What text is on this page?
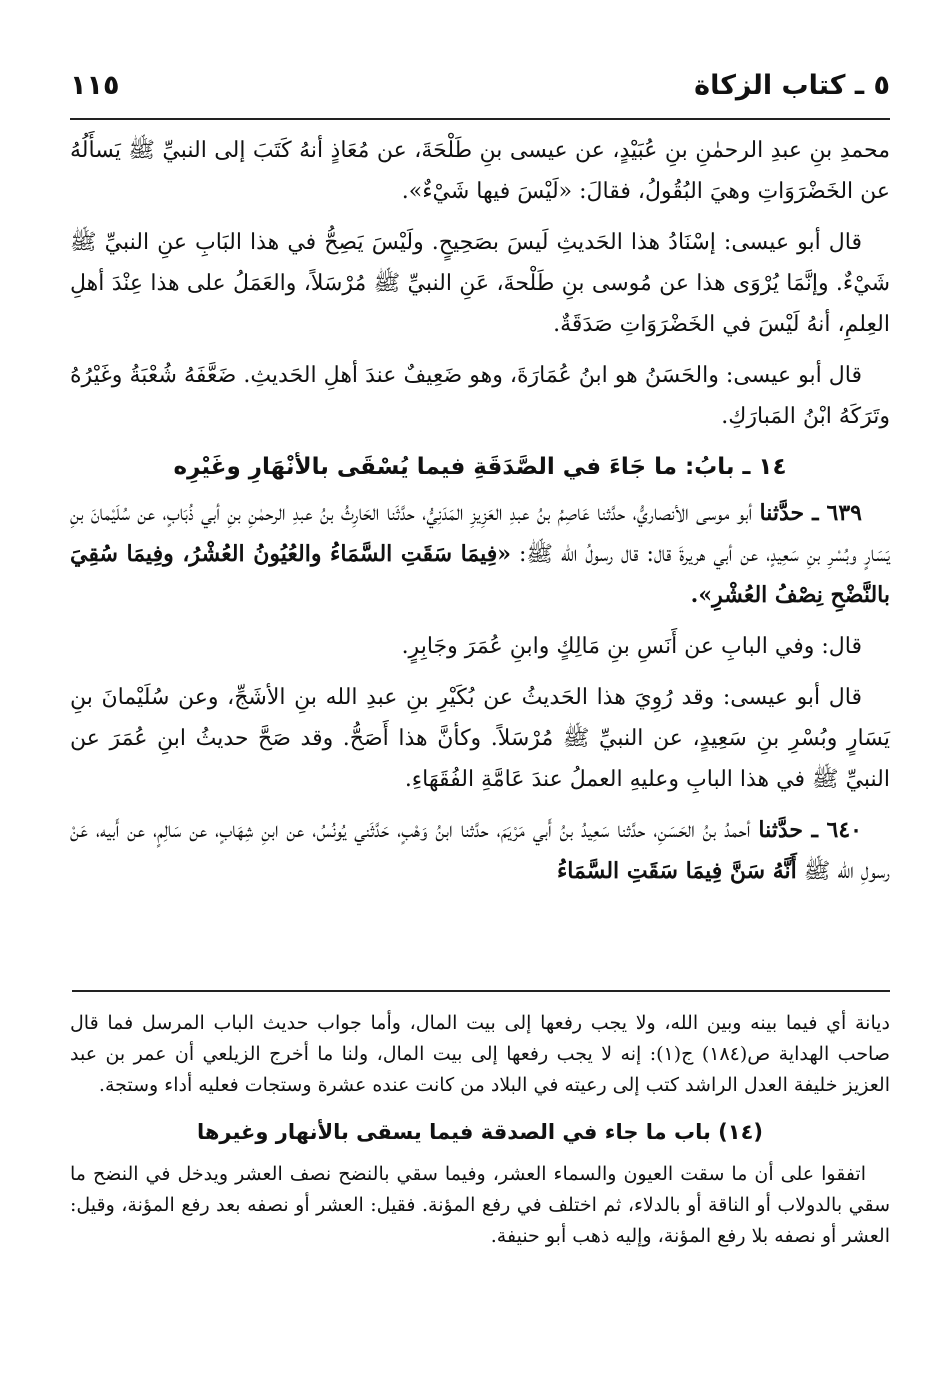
٥ ـ كتاب الزكاة
١١٥

محمدِ بنِ عبدِ الرحمٰنِ بنِ عُبَيْدٍ، عن عيسى بنِ طَلْحَةَ، عن مُعَاذٍ أنهُ كَتَبَ إلى النبيِّ ﷺ يَسأَلُهُ عن الخَضْرَوَاتِ وهيَ البُقُولُ، فقالَ: «لَيْسَ فيها شَيْءٌ».

قال أبو عيسى: إسْنَادُ هذا الحَديثِ لَيسَ بصَحِيحٍ. ولَيْسَ يَصِحُّ في هذا البَابِ عنِ النبيِّ ﷺ شَيْءٌ. وإنَّمَا يُرْوَى هذا عن مُوسى بنِ طَلْحةَ، عَنِ النبيِّ ﷺ مُرْسَلاً، والعَمَلُ على هذا عِنْدَ أهلِ العِلمِ، أنهُ لَيْسَ في الخَضْرَوَاتِ صَدَقَةٌ.

قال أبو عيسى: والحَسَنُ هو ابنُ عُمَارَةَ، وهو ضَعِيفٌ عندَ أهلِ الحَديثِ. ضَعَّفَهُ شُعْبَةُ وغَيْرُهُ وتَرَكَهُ ابْنُ المَبارَكِ.

١٤ ـ بابُ: ما جَاءَ في الصَّدَقَةِ فيما يُسْقَى بالأنْهَارِ وغَيْرِه

٦٣٩ ـ حدَّثنا أبو موسى الأنصاريُّ، حدَّثنا عَاصِمُ بنُ عبدِ العَزِيزِ المَدَنِيُّ، حدَّثَنا الحَارِثُ بنُ عبدِ الرحمٰنِ بنِ أبي ذُبَابٍ، عن سُلَيْمانَ بنِ يَسَارٍ وبُسْرِ بنِ سَعِيدٍ، عن أبي هريرةَ قال: قال رسولُ الله ﷺ: «فِيمَا سَقَتِ السَّمَاءُ والعُيُونُ العُشْرُ، وفِيمَا سُقِيَ بالنَّضْحِ نِصْفُ العُشْرِ».

قال: وفي البابِ عن أَنَسِ بنِ مَالِكٍ وابنِ عُمَرَ وجَابِرٍ.

قال أبو عيسى: وقد رُوِيَ هذا الحَديثُ عن بُكَيْرِ بنِ عبدِ الله بنِ الأشَجِّ، وعن سُلَيْمانَ بنِ يَسَارٍ وبُسْرِ بنِ سَعِيدٍ، عن النبيِّ ﷺ مُرْسَلاً. وكأنَّ هذا أَصَحُّ. وقد صَحَّ حديثُ ابنِ عُمَرَ عن النبيِّ ﷺ في هذا البابِ وعليهِ العملُ عندَ عَامَّةِ الفُقَهَاءِ.

٦٤٠ ـ حدَّثنا أحمدُ بنُ الحَسَنِ، حدَّثنا سَعِيدُ بنُ أَبي مَرْيَمَ، حدَّثنا ابنُ وَهْبٍ، حَدَّثَني يُونُسُ، عن ابنِ شِهَابٍ، عن سَالِمٍ، عن أَبيه، عَنْ رسولِ الله ﷺ أَنَّهُ سَنَّ فِيمَا سَقَتِ السَّمَاءُ

ديانة أي فيما بينه وبين الله، ولا يجب رفعها إلى بيت المال، وأما جواب حديث الباب المرسل فما قال صاحب الهداية ص(١٨٤) ج(١): إنه لا يجب رفعها إلى بيت المال، ولنا ما أخرج الزيلعي أن عمر بن عبد العزيز خليفة العدل الراشد كتب إلى رعيته في البلاد من كانت عنده عشرة وستجات فعليه أداء وستجة.

(١٤) باب ما جاء في الصدقة فيما يسقى بالأنهار وغيرها

اتفقوا على أن ما سقت العيون والسماء العشر، وفيما سقي بالنضح نصف العشر ويدخل في النضح ما سقي بالدولاب أو الناقة أو بالدلاء، ثم اختلف في رفع المؤنة. فقيل: العشر أو نصفه بعد رفع المؤنة، وقيل: العشر أو نصفه بلا رفع المؤنة، وإليه ذهب أبو حنيفة.
